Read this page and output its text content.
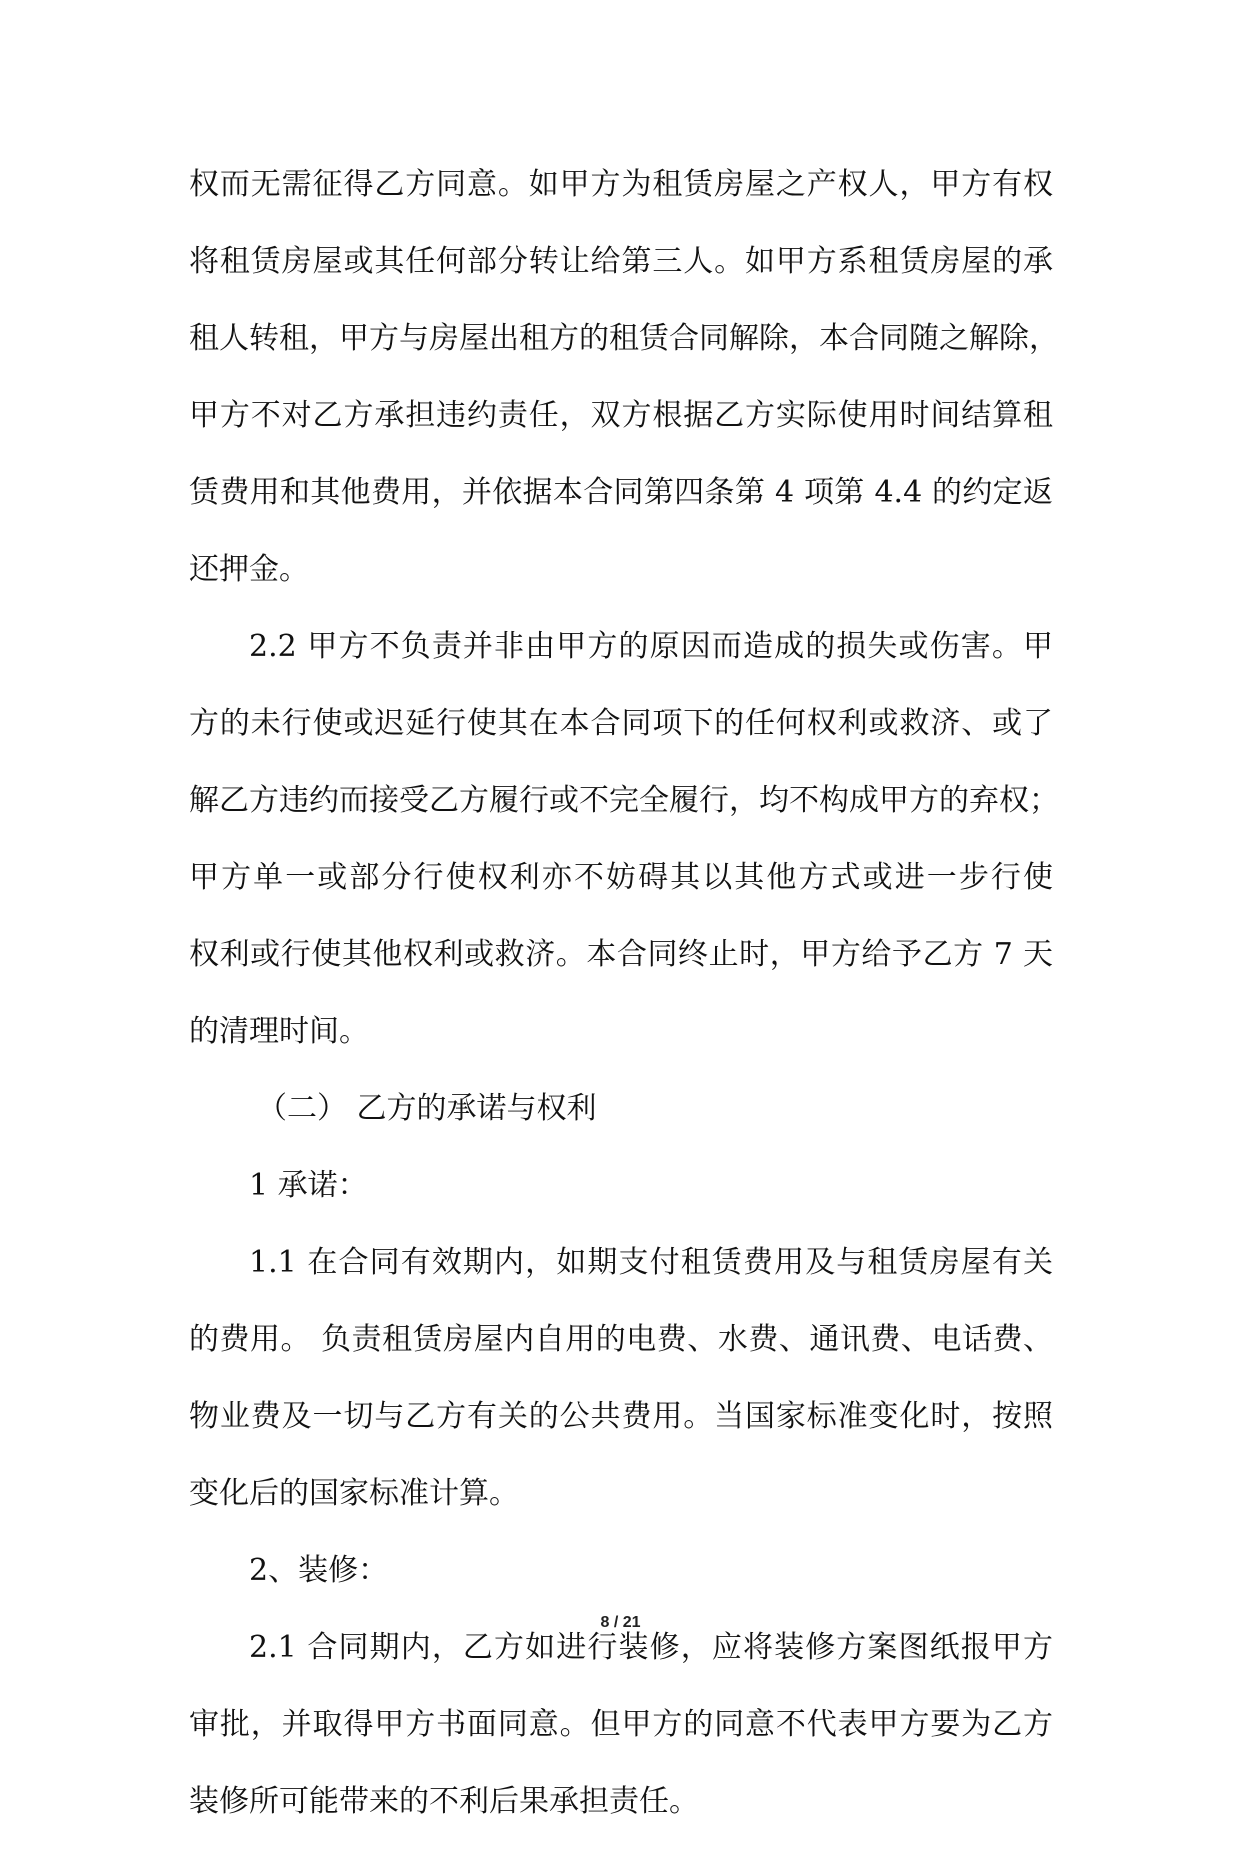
权而无需征得乙方同意。如甲方为租赁房屋之产权人，甲方有权
将租赁房屋或其任何部分转让给第三人。如甲方系租赁房屋的承
租人转租，甲方与房屋出租方的租赁合同解除，本合同随之解除，
甲方不对乙方承担违约责任，双方根据乙方实际使用时间结算租
赁费用和其他费用，并依据本合同第四条第 4 项第 4.4 的约定返
还押金。
2.2 甲方不负责并非由甲方的原因而造成的损失或伤害。甲
方的未行使或迟延行使其在本合同项下的任何权利或救济、或了
解乙方违约而接受乙方履行或不完全履行，均不构成甲方的弃权；
甲方单一或部分行使权利亦不妨碍其以其他方式或进一步行使
权利或行使其他权利或救济。本合同终止时，甲方给予乙方 7 天
的清理时间。
（二） 乙方的承诺与权利
1 承诺：
1.1 在合同有效期内，如期支付租赁费用及与租赁房屋有关
的费用。 负责租赁房屋内自用的电费、水费、通讯费、电话费、
物业费及一切与乙方有关的公共费用。当国家标准变化时，按照
变化后的国家标准计算。
2、装修：
2.1 合同期内，乙方如进行装修，应将装修方案图纸报甲方
审批，并取得甲方书面同意。但甲方的同意不代表甲方要为乙方
装修所可能带来的不利后果承担责任。
8 / 21
